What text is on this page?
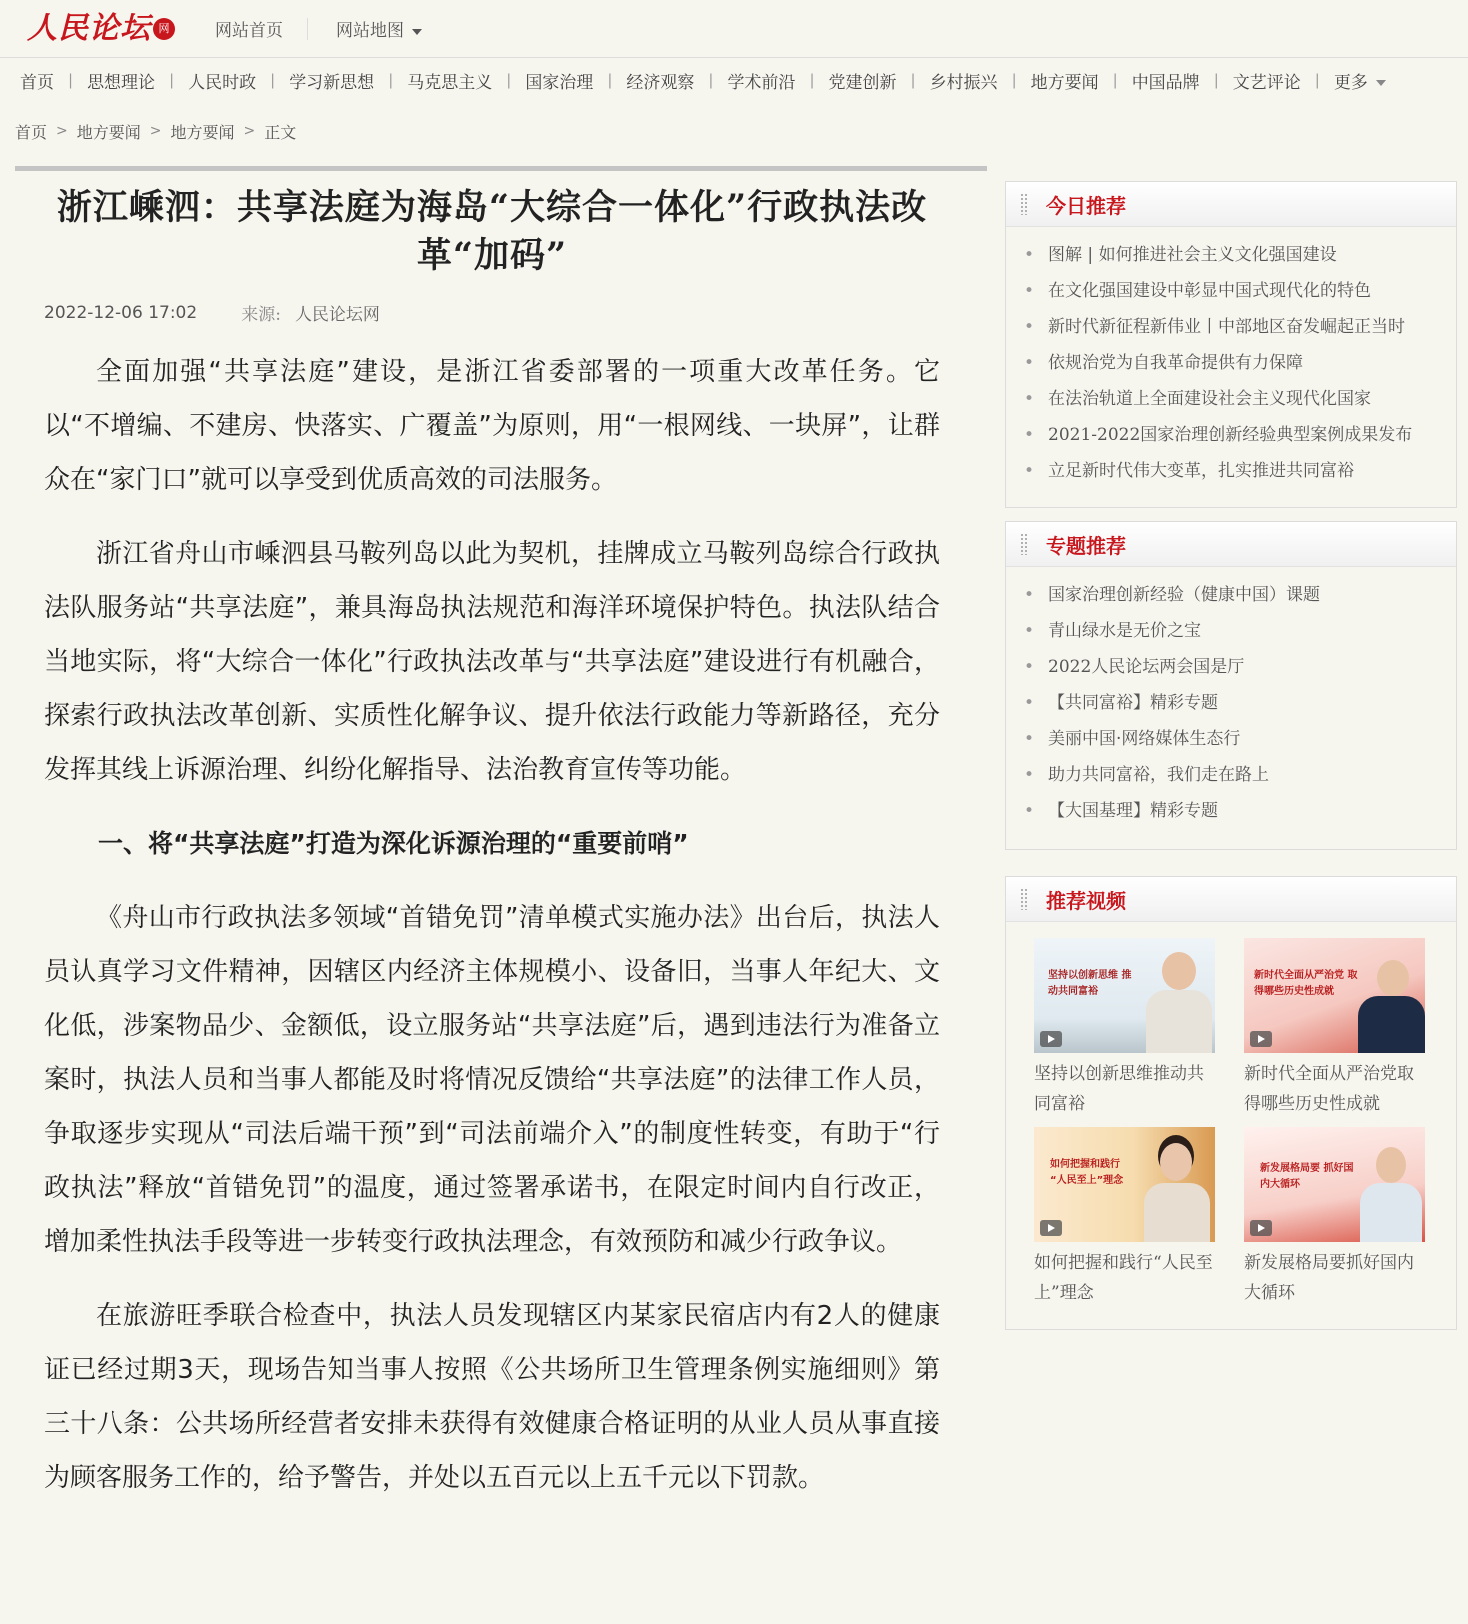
人民论坛 网	网站首页	网站地图
首页 | 思想理论 | 人民时政 | 学习新思想 | 马克思主义 | 国家治理 | 经济观察 | 学术前沿 | 党建创新 | 乡村振兴 | 地方要闻 | 中国品牌 | 文艺评论 | 更多
首页 > 地方要闻 > 地方要闻 > 正文
浙江嵊泗：共享法庭为海岛“大综合一体化”行政执法改革“加码”
2022-12-06 17:02	来源: 人民论坛网

全面加强“共享法庭”建设，是浙江省委部署的一项重大改革任务。它以“不增编、不建房、快落实、广覆盖”为原则，用“一根网线、一块屏”，让群众在“家门口”就可以享受到优质高效的司法服务。

浙江省舟山市嵊泗县马鞍列岛以此为契机，挂牌成立马鞍列岛综合行政执法队服务站“共享法庭”，兼具海岛执法规范和海洋环境保护特色。执法队结合当地实际，将“大综合一体化”行政执法改革与“共享法庭”建设进行有机融合，探索行政执法改革创新、实质性化解争议、提升依法行政能力等新路径，充分发挥其线上诉源治理、纠纷化解指导、法治教育宣传等功能。

一、将“共享法庭”打造为深化诉源治理的“重要前哨”

《舟山市行政执法多领域“首错免罚”清单模式实施办法》出台后，执法人员认真学习文件精神，因辖区内经济主体规模小、设备旧，当事人年纪大、文化低，涉案物品少、金额低，设立服务站“共享法庭”后，遇到违法行为准备立案时，执法人员和当事人都能及时将情况反馈给“共享法庭”的法律工作人员，争取逐步实现从“司法后端干预”到“司法前端介入”的制度性转变，有助于“行政执法”释放“首错免罚”的温度，通过签署承诺书，在限定时间内自行改正，增加柔性执法手段等进一步转变行政执法理念，有效预防和减少行政争议。

在旅游旺季联合检查中，执法人员发现辖区内某家民宿店内有2人的健康证已经过期3天，现场告知当事人按照《公共场所卫生管理条例实施细则》第三十八条：公共场所经营者安排未获得有效健康合格证明的从业人员从事直接为顾客服务工作的，给予警告，并处以五百元以上五千元以下罚款。

今日推荐
• 图解 | 如何推进社会主义文化强国建设
• 在文化强国建设中彰显中国式现代化的特色
• 新时代新征程新伟业丨中部地区奋发崛起正当时
• 依规治党为自我革命提供有力保障
• 在法治轨道上全面建设社会主义现代化国家
• 2021-2022国家治理创新经验典型案例成果发布
• 立足新时代伟大变革，扎实推进共同富裕
专题推荐
• 国家治理创新经验（健康中国）课题
• 青山绿水是无价之宝
• 2022人民论坛两会国是厅
• 【共同富裕】精彩专题
• 美丽中国·网络媒体生态行
• 助力共同富裕，我们走在路上
• 【大国基理】精彩专题
推荐视频
坚持以创新思维 推动共同富裕
坚持以创新思维推动共同富裕
新时代全面从严治党 取得哪些历史性成就
新时代全面从严治党取得哪些历史性成就
如何把握和践行 “人民至上”理念
如何把握和践行“人民至上”理念
新发展格局要 抓好国内大循环
新发展格局要抓好国内大循环
